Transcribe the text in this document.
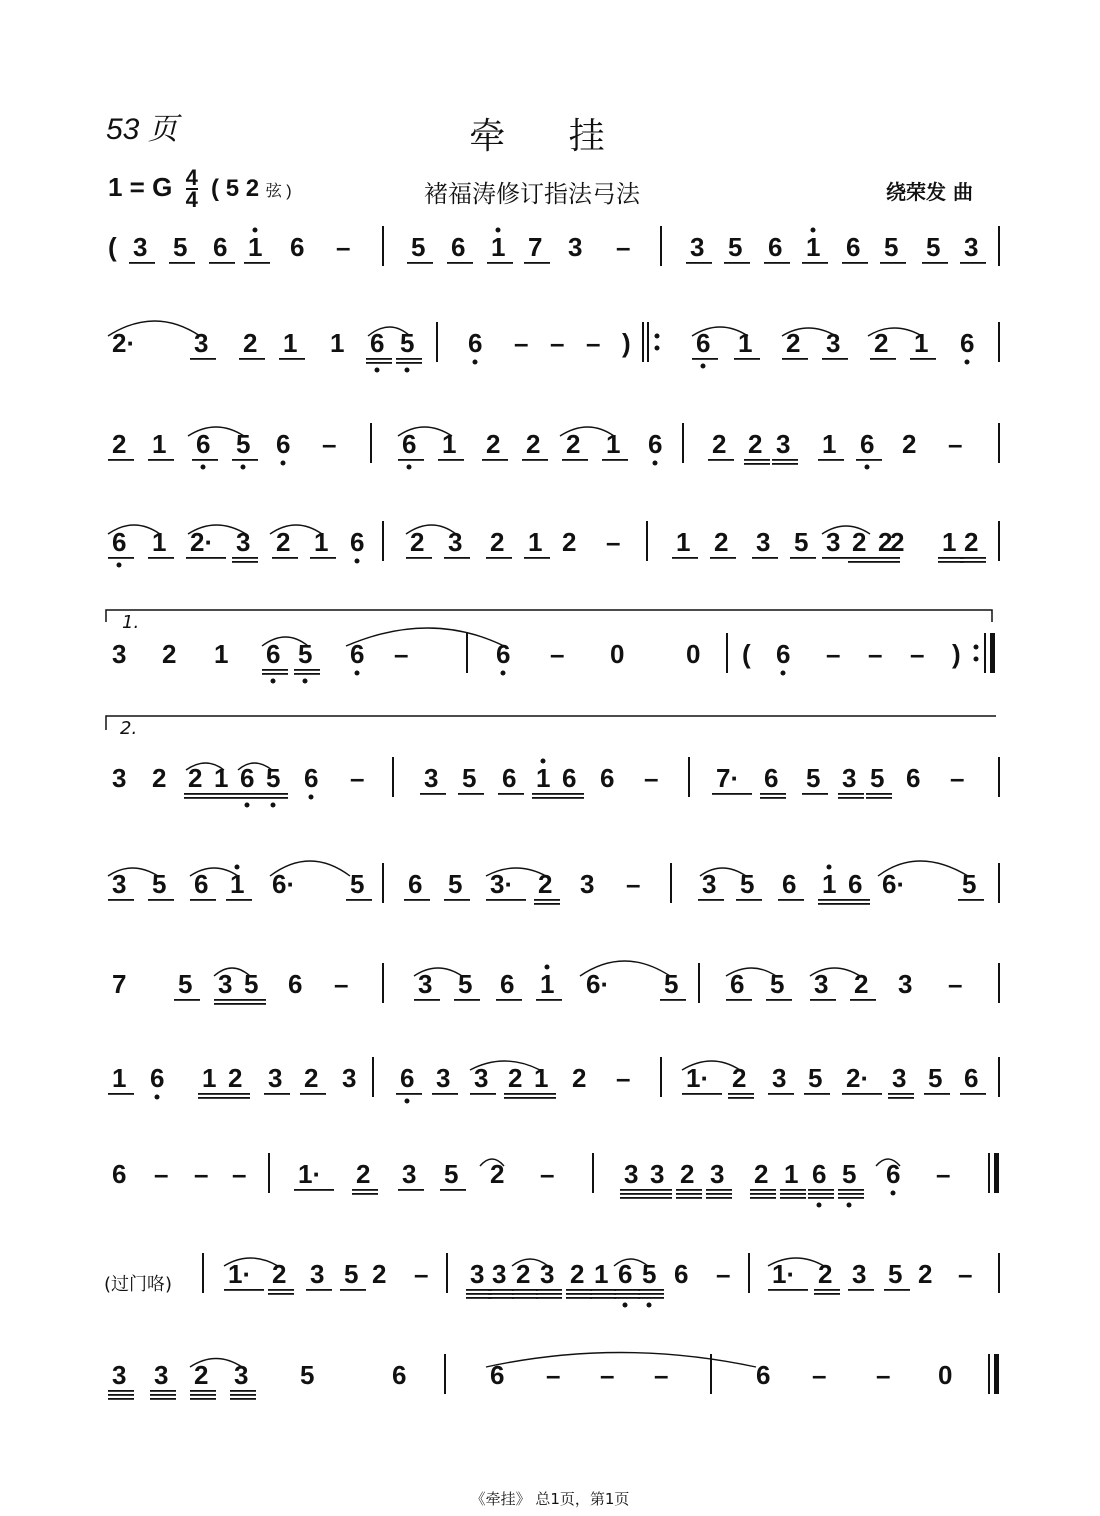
53 页	牵 挂
1 = G $\frac{4}{4}$ ( 5 2 弦 )	褚福涛修订指法弓法	绕荣发 曲
1.
2.
( 3 5 6 1 6 – 5 6 1 7 3 – 3 5 6 1 6 5 5 3
2· 3 2 1 1 6 5 6 – – – )	6 1 2 3 2 1 6
2 1 6 5 6 –	6 1 2 2 2 1 6 2 2 3 1 6 2 –
6 1 2· 3 2 1 6 2 3 2 1 2 – 1 2 3 5 3 2 2
2 1 2
3 2 1 6 5 6 –	6 – 0 0 ( 6 – – – )
3 2 2 1 6 5 6 – 3 5 6 1 6 6 – 7· 6 5 3 5 6 –
3 5 6 1 6· 5 6 5 3· 2 3 – 3 5 6 1 6 6· 5
7 5 3 5 6 –	3 5 6 1 6· 5 6 5 3 2 3 –
1 6 1 2 3 2 3 6 3 3 2 1 2 – 1· 2 3 5 2· 3 5 6
6 – – – 1· 2 3 5 2 –	3 3 2 3 2 1 6 5 6 –
1· 2 3 5 2 – 3 3 2 3 2 1 6 5 6 – 1· 2 3 5 2 –
3 3 2 3 5	6	6 – – –	6 – – 0
(过门咯)
《牵挂》 总1页，第1页
